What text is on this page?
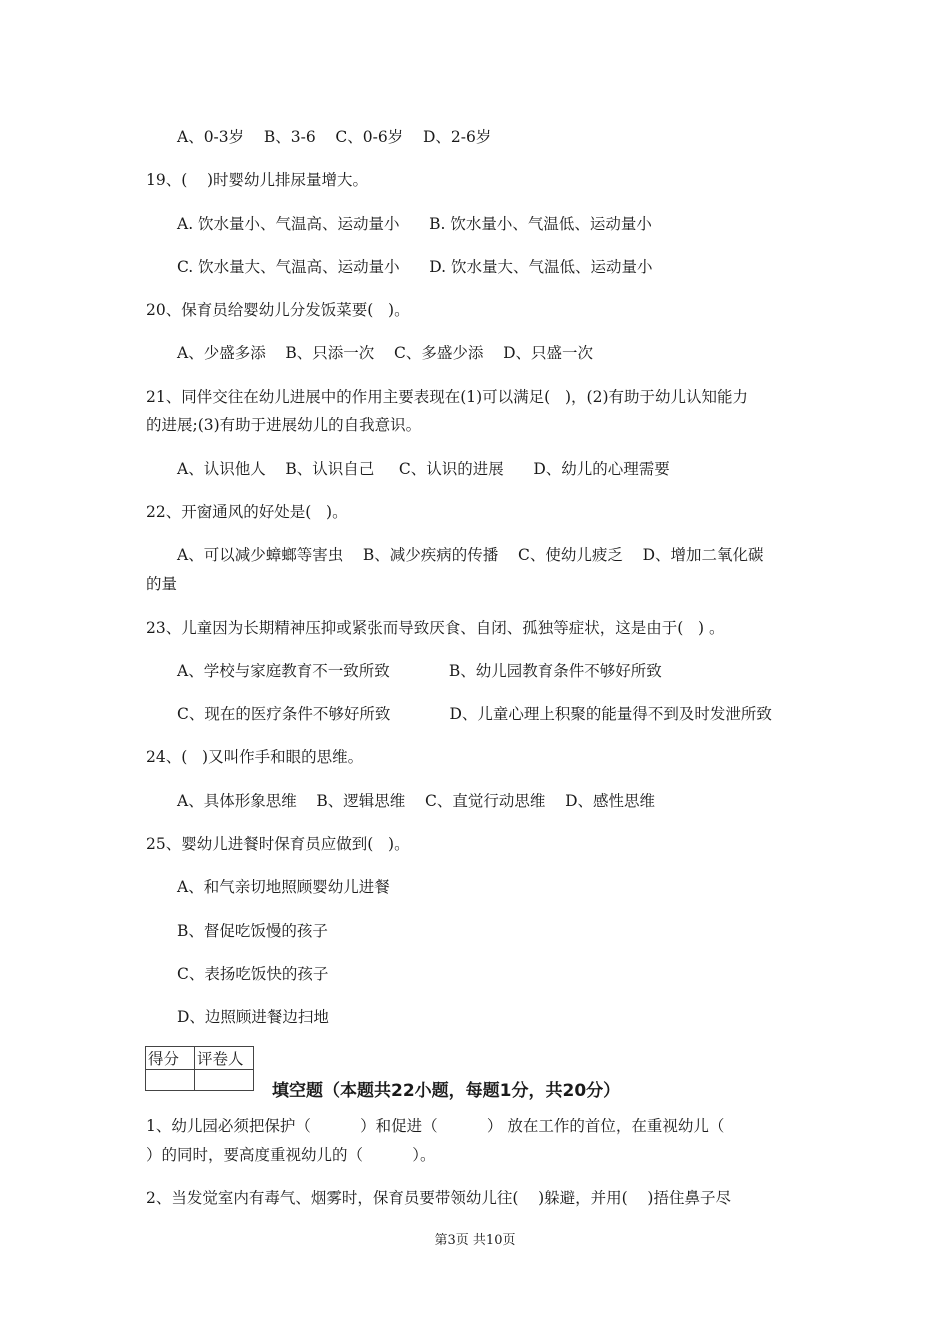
A、0-3岁    B、3-6    C、0-6岁    D、2-6岁
19、(    )时婴幼儿排尿量增大。
A. 饮水量小、气温高、运动量小      B. 饮水量小、气温低、运动量小
C. 饮水量大、气温高、运动量小      D. 饮水量大、气温低、运动量小
20、保育员给婴幼儿分发饭菜要(   )。
A、少盛多添    B、只添一次    C、多盛少添    D、只盛一次
21、同伴交往在幼儿进展中的作用主要表现在(1)可以满足(   )，(2)有助于幼儿认知能力
的进展;(3)有助于进展幼儿的自我意识。
A、认识他人    B、认识自己     C、认识的进展      D、幼儿的心理需要
22、开窗通风的好处是(   )。
A、可以减少蟑螂等害虫    B、减少疾病的传播    C、使幼儿疲乏    D、增加二氧化碳
的量
23、儿童因为长期精神压抑或紧张而导致厌食、自闭、孤独等症状，这是由于(   ) 。
A、学校与家庭教育不一致所致            B、幼儿园教育条件不够好所致
C、现在的医疗条件不够好所致            D、儿童心理上积聚的能量得不到及时发泄所致
24、(   )又叫作手和眼的思维。
A、具体形象思维    B、逻辑思维    C、直觉行动思维    D、感性思维
25、婴幼儿进餐时保育员应做到(   )。
A、和气亲切地照顾婴幼儿进餐
B、督促吃饭慢的孩子
C、表扬吃饭快的孩子
D、边照顾进餐边扫地
得分	评卷人

填空题（本题共22小题，每题1分，共20分）
1、幼儿园必须把保护（          ）和促进（          ） 放在工作的首位，在重视幼儿（
）的同时，要高度重视幼儿的（          ）。
2、当发觉室内有毒气、烟雾时，保育员要带领幼儿往(    )躲避，并用(    )捂住鼻子尽
第3页 共10页
